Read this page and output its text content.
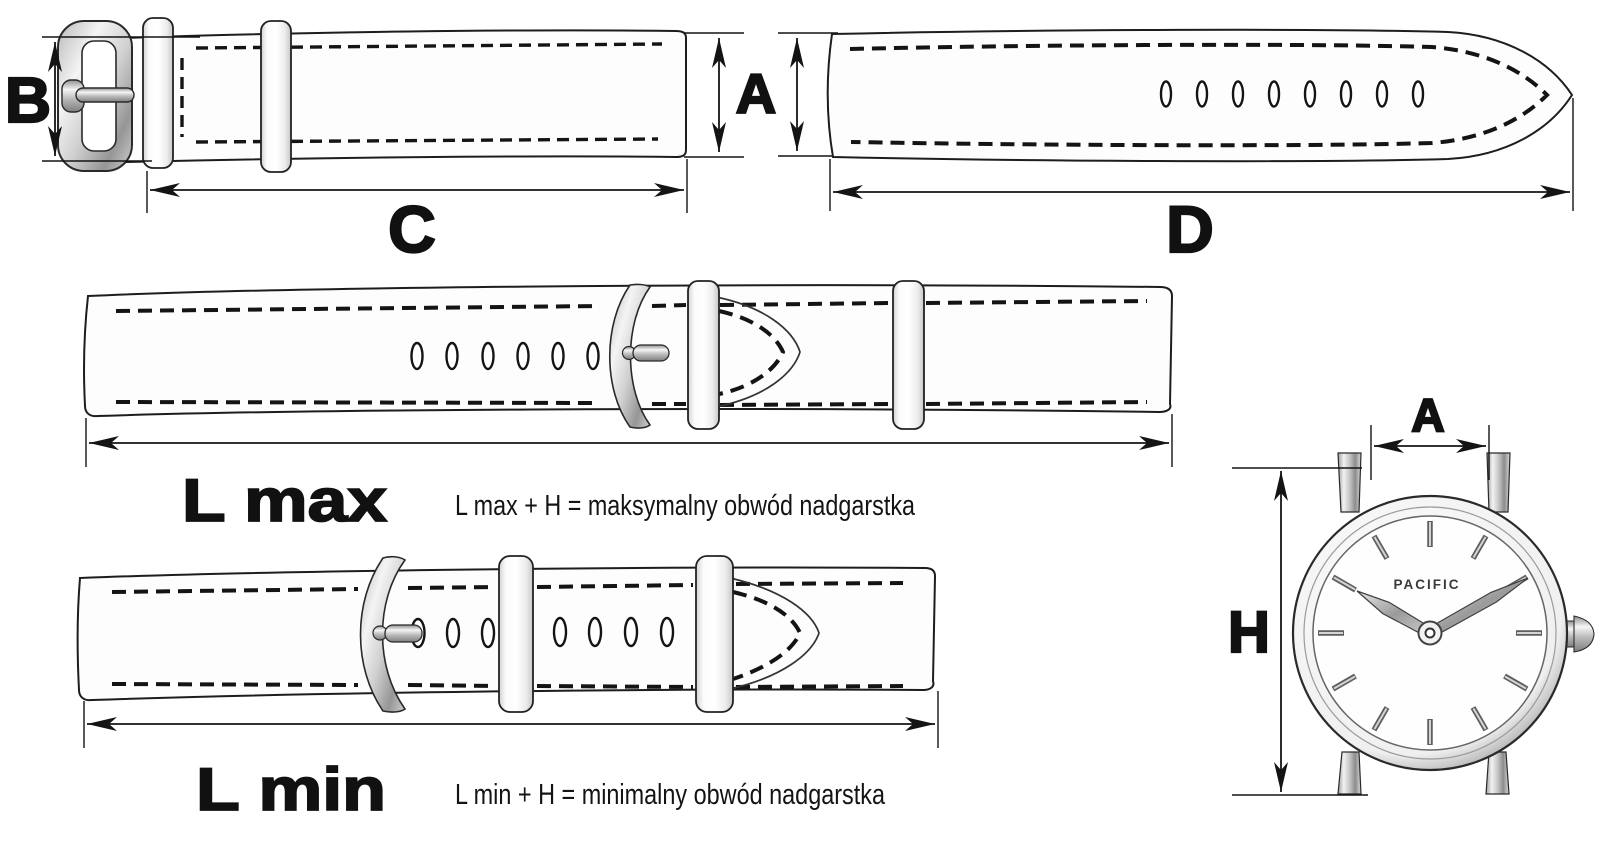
B
C
A
D
L max L max + H = maksymalny obwód nadgarstka
L min L min + H = minimalny obwód nadgarstka
PACIFIC
A
H
